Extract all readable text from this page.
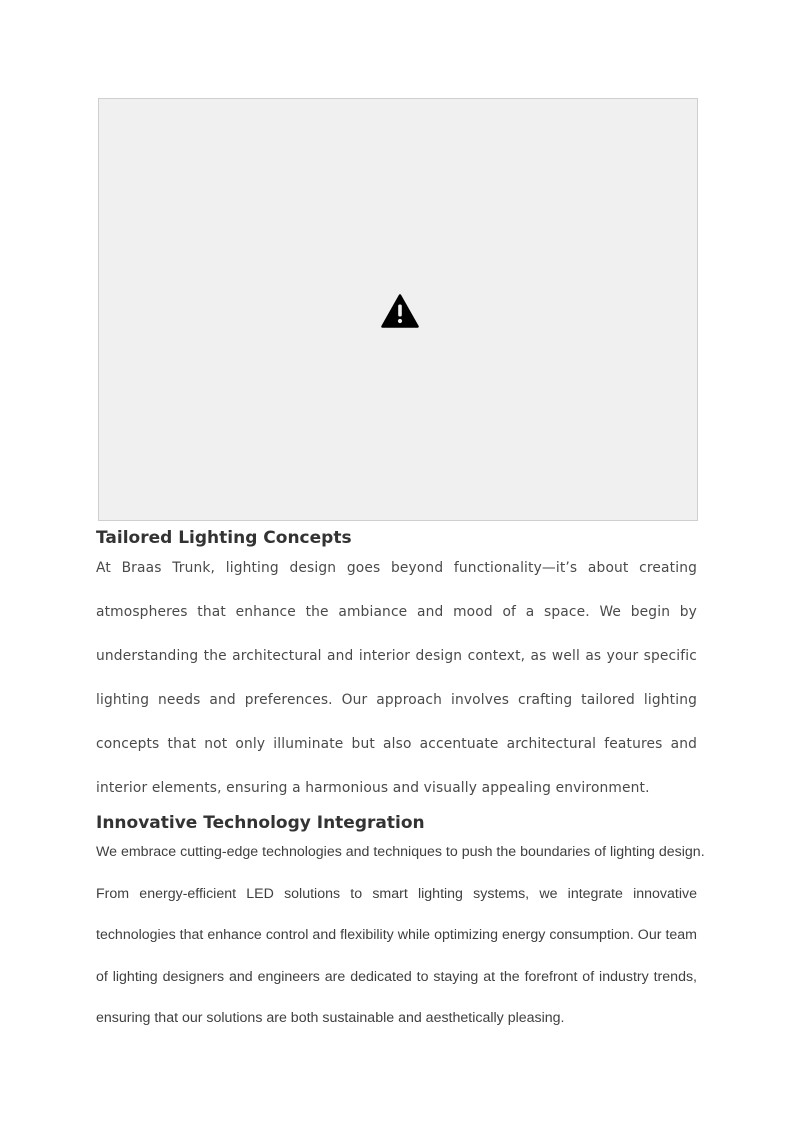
Tailored Lighting Concepts

At Braas Trunk, lighting design goes beyond functionality—it’s about creating
atmospheres that enhance the ambiance and mood of a space. We begin by
understanding the architectural and interior design context, as well as your specific
lighting needs and preferences. Our approach involves crafting tailored lighting
concepts that not only illuminate but also accentuate architectural features and
interior elements, ensuring a harmonious and visually appealing environment.

Innovative Technology Integration

We embrace cutting-edge technologies and techniques to push the boundaries of lighting design.
From energy-efficient LED solutions to smart lighting systems, we integrate innovative
technologies that enhance control and flexibility while optimizing energy consumption. Our team
of lighting designers and engineers are dedicated to staying at the forefront of industry trends,
ensuring that our solutions are both sustainable and aesthetically pleasing.
